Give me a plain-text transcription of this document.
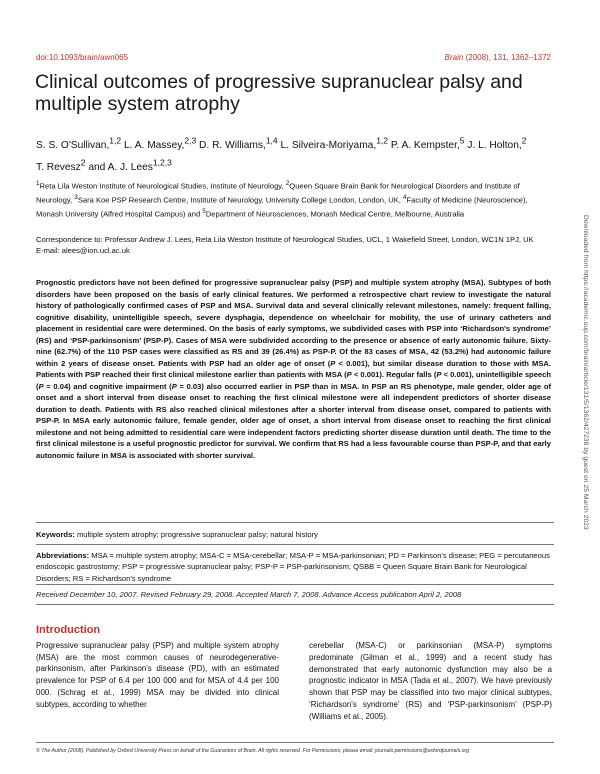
doi:10.1093/brain/awn065	Brain (2008), 131, 1362–1372
Clinical outcomes of progressive supranuclear palsy and multiple system atrophy
S. S. O'Sullivan,$^{1,2}$ L. A. Massey,$^{2,3}$ D. R. Williams,$^{1,4}$ L. Silveira-Moriyama,$^{1,2}$ P. A. Kempster,$^5$ J. L. Holton,$^2$
T. Revesz$^2$ and A. J. Lees$^{1,2,3}$
$^1$Reta Lila Weston Institute of Neurological Studies, Institute of Neurology, $^2$Queen Square Brain Bank for Neurological Disorders and Institute of Neurology, $^3$Sara Koe PSP Research Centre, Institute of Neurology, University College London, London, UK, $^4$Faculty of Medicine (Neuroscience), Monash University (Alfred Hospital Campus) and $^5$Department of Neurosciences, Monash Medical Centre, Melbourne, Australia
Correspondence to: Professor Andrew J. Lees, Reta Lila Weston Institute of Neurological Studies, UCL, 1 Wakefield Street, London, WC1N 1PJ, UK
E-mail: alees@ion.ucl.ac.uk

Prognostic predictors have not been defined for progressive supranuclear palsy (PSP) and multiple system atrophy (MSA). Subtypes of both disorders have been proposed on the basis of early clinical features. We performed a retrospective chart review to investigate the natural history of pathologically confirmed cases of PSP and MSA. Survival data and several clinically relevant milestones, namely: frequent falling, cognitive disability, unintelligible speech, severe dysphagia, dependence on wheelchair for mobility, the use of urinary catheters and placement in residential care were determined. On the basis of early symptoms, we subdivided cases with PSP into ‘Richardson's syndrome’ (RS) and ‘PSP-parkinsonism’ (PSP-P). Cases of MSA were subdivided according to the presence or absence of early autonomic failure. Sixty-nine (62.7%) of the 110 PSP cases were classified as RS and 39 (26.4%) as PSP-P. Of the 83 cases of MSA, 42 (53.2%) had autonomic failure within 2 years of disease onset. Patients with PSP had an older age of onset (P < 0.001), but similar disease duration to those with MSA. Patients with PSP reached their first clinical milestone earlier than patients with MSA (P < 0.001). Regular falls (P < 0.001), unintelligible speech (P = 0.04) and cognitive impairment (P = 0.03) also occurred earlier in PSP than in MSA. In PSP an RS phenotype, male gender, older age of onset and a short interval from disease onset to reaching the first clinical milestone were all independent predictors of shorter disease duration to death. Patients with RS also reached clinical milestones after a shorter interval from disease onset, compared to patients with PSP-P. In MSA early autonomic failure, female gender, older age of onset, a short interval from disease onset to reaching the first clinical milestone and not being admitted to residential care were independent factors predicting shorter disease duration until death. The time to the first clinical milestone is a useful prognostic predictor for survival. We confirm that RS had a less favourable course than PSP-P, and that early autonomic failure in MSA is associated with shorter survival.

Keywords: multiple system atrophy; progressive supranuclear palsy; natural history
Abbreviations: MSA = multiple system atrophy; MSA-C = MSA-cerebellar; MSA-P = MSA-parkinsonian; PD = Parkinson's disease; PEG = percutaneous endoscopic gastrostomy; PSP = progressive supranuclear palsy; PSP-P = PSP-parkinsonism; QSBB = Queen Square Brain Bank for Neurological Disorders; RS = Richardson's syndrome
Received December 10, 2007. Revised February 29, 2008. Accepted March 7, 2008. Advance Access publication April 2, 2008
Introduction
Progressive supranuclear palsy (PSP) and multiple system atrophy (MSA) are the most common causes of neurodegenerative-parkinsonism, after Parkinson's disease (PD), with an estimated prevalence for PSP of 6.4 per 100 000 and for MSA of 4.4 per 100 000. (Schrag et al., 1999) MSA may be divided into clinical subtypes, according to whether
cerebellar (MSA-C) or parkinsonian (MSA-P) symptoms predominate (Gilman et al., 1999) and a recent study has demonstrated that early autonomic dysfunction may also be a prognostic indicator in MSA (Tada et al., 2007). We have previously shown that PSP may be classified into two major clinical subtypes, ‘Richardson's syndrome’ (RS) and ‘PSP-parkinsonism’ (PSP-P) (Williams et al., 2005).
© The Author (2008). Published by Oxford University Press on behalf of the Guarantors of Brain. All rights reserved. For Permissions, please email: journals.permissions@oxfordjournals.org
Downloaded from https://academic.oup.com/brain/article/131/5/1362/427238 by guest on 25 March 2023
